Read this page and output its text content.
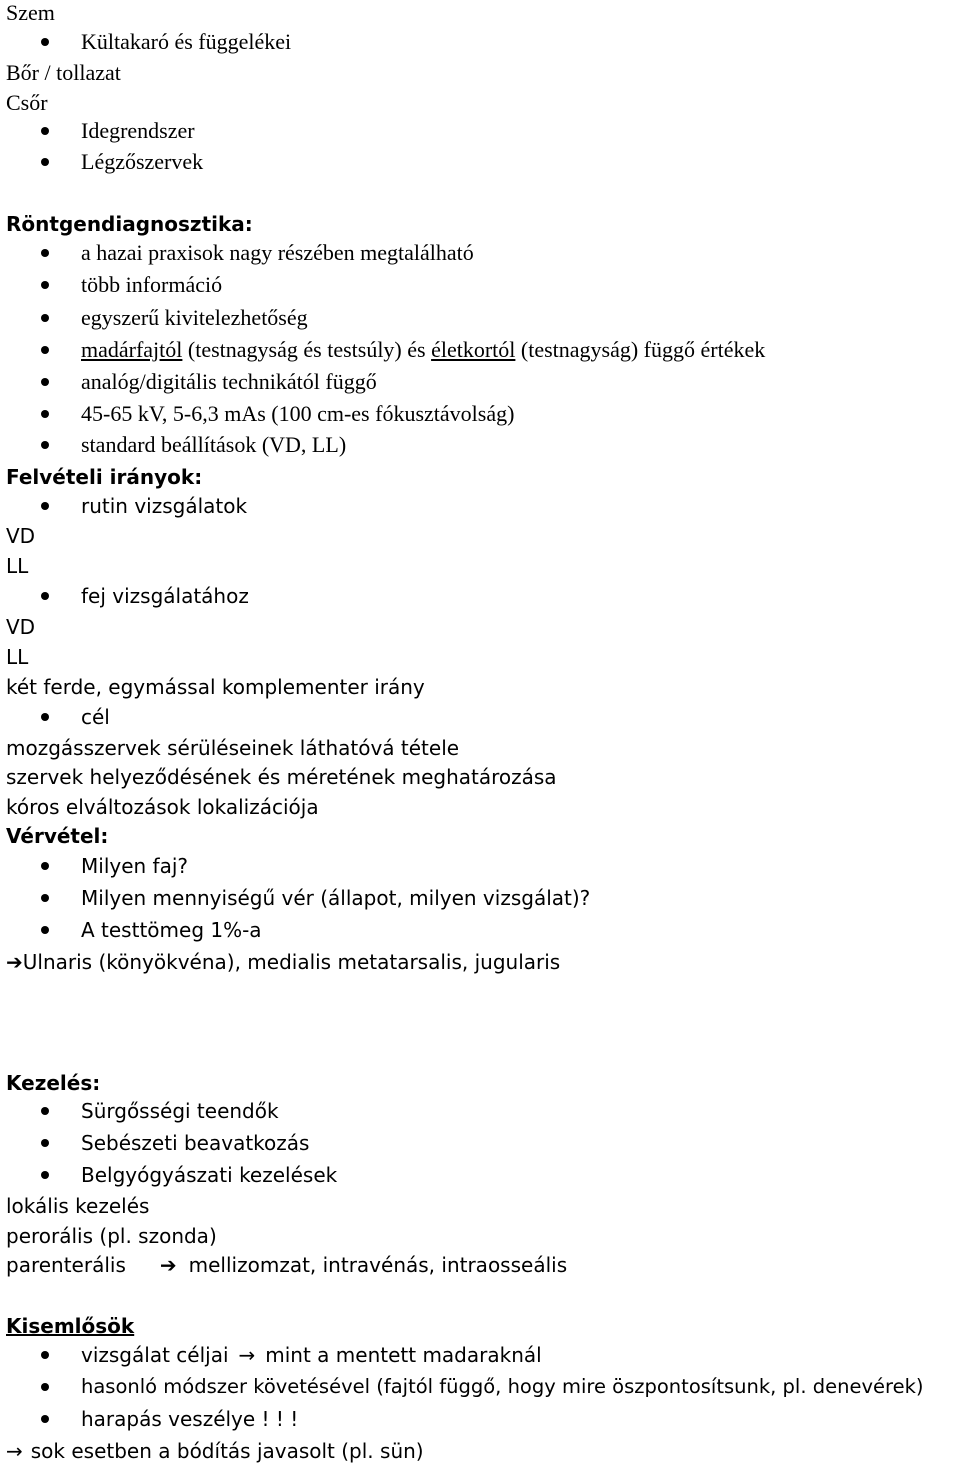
Szem
Kültakaró és függelékei
Bőr / tollazat
Csőr
Idegrendszer
Légzőszervek
Röntgendiagnosztika:
a hazai praxisok nagy részében megtalálható
több információ
egyszerű kivitelezhetőség
madárfajtól (testnagyság és testsúly) és életkortól (testnagyság) függő értékek
analóg/digitális technikától függő
45-65 kV, 5-6,3 mAs (100 cm-es fókusztávolság)
standard beállítások (VD, LL)
Felvételi irányok:
rutin vizsgálatok
VD
LL
fej vizsgálatához
VD
LL
két ferde, egymással komplementer irány
cél
mozgásszervek sérüléseinek láthatóvá tétele
szervek helyeződésének és méretének meghatározása
kóros elváltozások lokalizációja
Vérvétel:
Milyen faj?
Milyen mennyiségű vér (állapot, milyen vizsgálat)?
A testtömeg 1%-a
➔Ulnaris (könyökvéna), medialis metatarsalis, jugularis
Kezelés:
Sürgősségi teendők
Sebészeti beavatkozás
Belgyógyászati kezelések
lokális kezelés
perorális (pl. szonda)
parenterális ➔ mellizomzat, intravénás, intraosseális
Kisemlősök
vizsgálat céljai → mint a mentett madaraknál
hasonló módszer követésével (fajtól függő, hogy mire öszpontosítsunk, pl. denevérek)
harapás veszélye ! ! !
→ sok esetben a bódítás javasolt (pl. sün)
